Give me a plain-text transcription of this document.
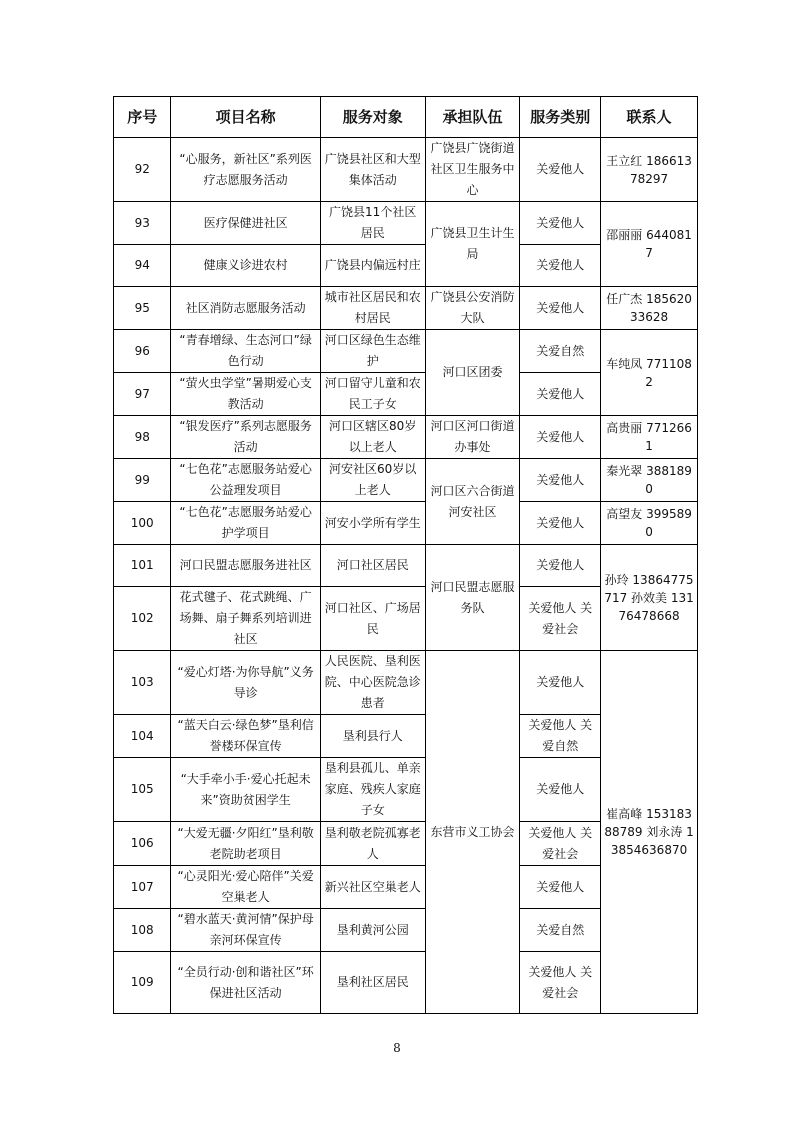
序号	项目名称	服务对象	承担队伍	服务类别	联系人
92	“心服务，新社区”系列医疗志愿服务活动	广饶县社区和大型集体活动	广饶县广饶街道社区卫生服务中心	关爱他人	王立红 18661378297
93	医疗保健进社区	广饶县11个社区居民	广饶县卫生计生局	关爱他人	邵丽丽 6440817
94	健康义诊进农村	广饶县内偏远村庄		关爱他人	
95	社区消防志愿服务活动	城市社区居民和农村居民	广饶县公安消防大队	关爱他人	任广杰 18562033628
96	“青春增绿、生态河口”绿色行动	河口区绿色生态维护	河口区团委	关爱自然	车纯凤 7711082
97	“萤火虫学堂”暑期爱心支教活动	河口留守儿童和农民工子女		关爱他人	
98	“银发医疗”系列志愿服务活动	河口区辖区80岁以上老人	河口区河口街道办事处	关爱他人	高贵丽 7712661
99	“七色花”志愿服务站爱心公益理发项目	河安社区60岁以上老人	河口区六合街道河安社区	关爱他人	秦光翠 3881890
100	“七色花”志愿服务站爱心护学项目	河安小学所有学生		关爱他人	高望友 3995890
101	河口民盟志愿服务进社区	河口社区居民	河口民盟志愿服务队	关爱他人	孙玲 13864775717 孙效美 13176478668
102	花式毽子、花式跳绳、广场舞、扇子舞系列培训进社区	河口社区、广场居民		关爱他人 关爱社会	
103	“爱心灯塔·为你导航”义务导诊	人民医院、垦利医院、中心医院急诊患者	东营市义工协会	关爱他人	崔高峰 15318388789 刘永涛 13854636870
104	“蓝天白云·绿色梦”垦利信誉楼环保宣传	垦利县行人		关爱他人 关爱自然	
105	“大手牵小手·爱心托起未来”资助贫困学生	垦利县孤儿、单亲家庭、残疾人家庭子女		关爱他人	
106	“大爱无疆·夕阳红”垦利敬老院助老项目	垦利敬老院孤寡老人		关爱他人 关爱社会	
107	“心灵阳光·爱心陪伴”关爱空巢老人	新兴社区空巢老人		关爱他人	
108	“碧水蓝天·黄河情”保护母亲河环保宣传	垦利黄河公园		关爱自然	
109	“全员行动·创和谐社区”环保进社区活动	垦利社区居民		关爱他人 关爱社会	
8
